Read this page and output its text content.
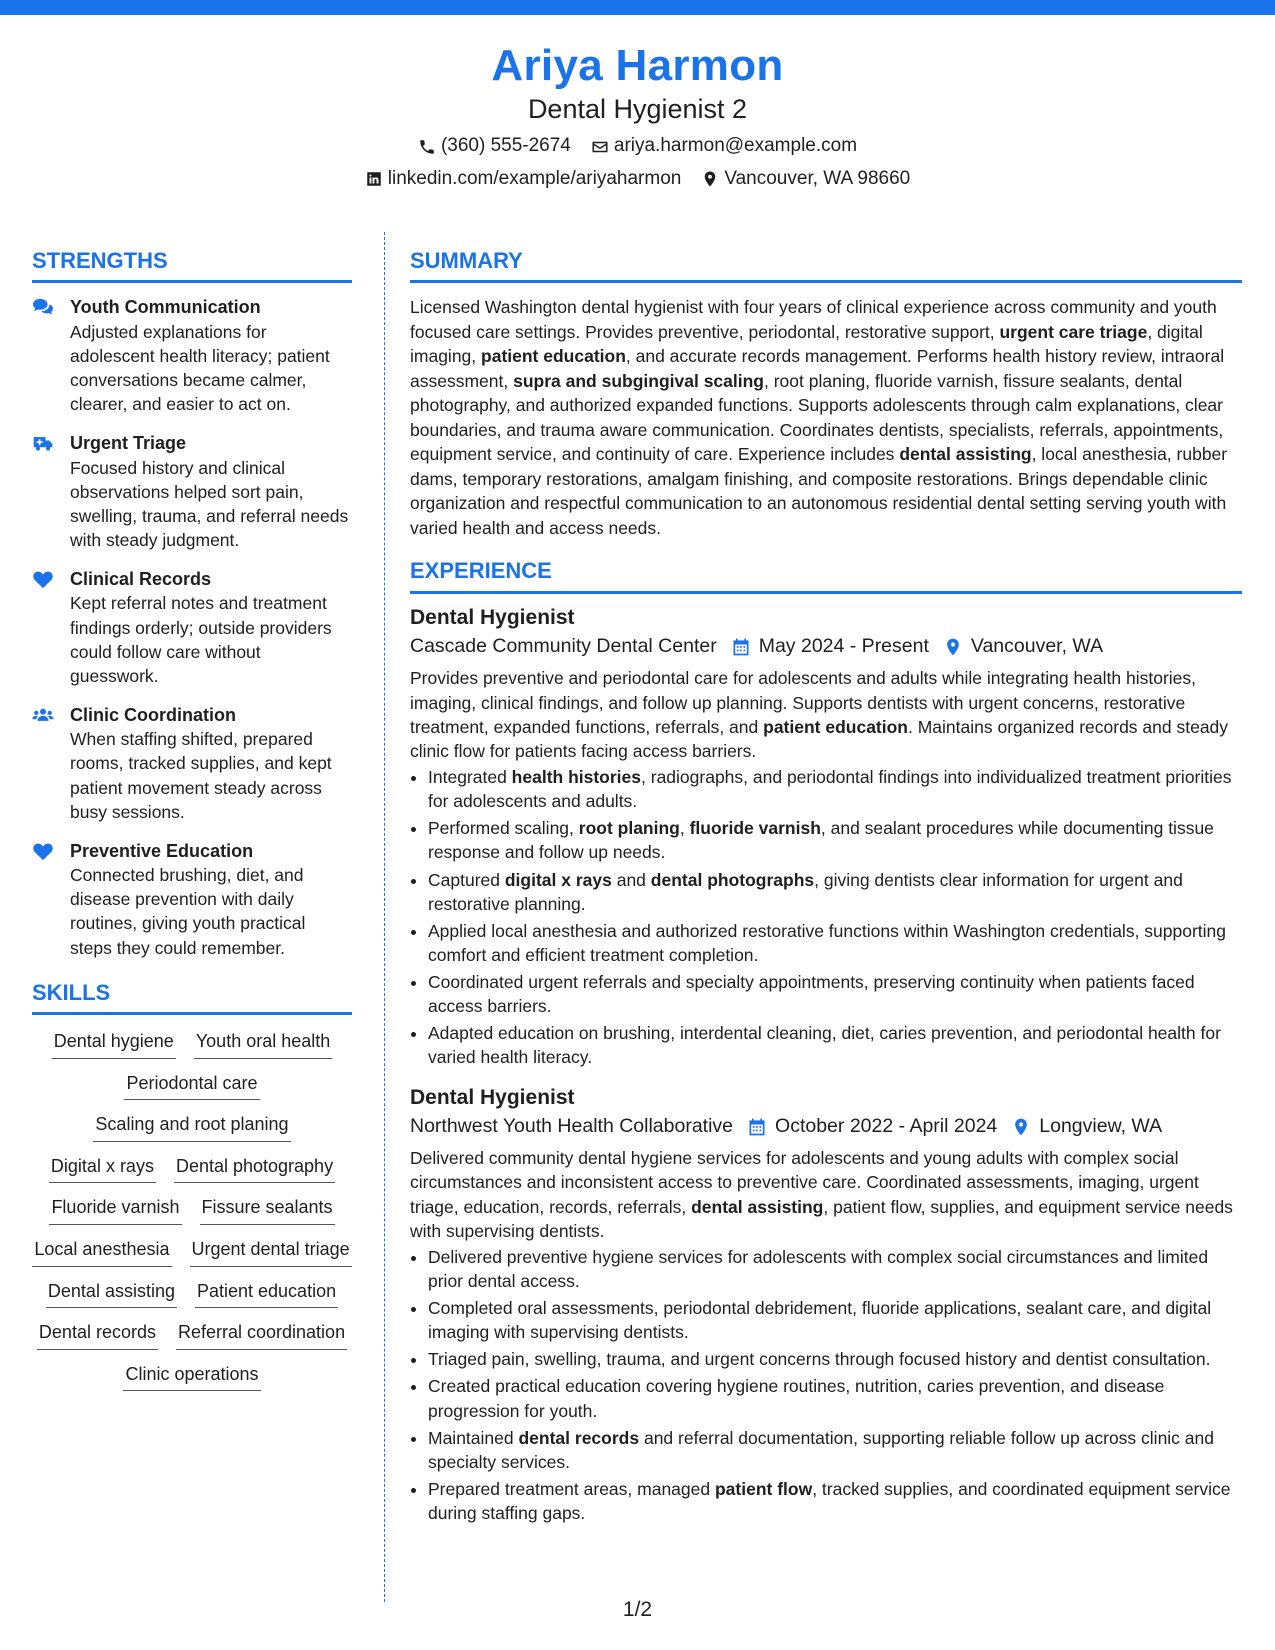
Ariya Harmon
Dental Hygienist 2
(360) 555-2674 ariya.harmon@example.com
linkedin.com/example/ariyaharmon Vancouver, WA 98660
STRENGTHS
Youth Communication
Adjusted explanations for adolescent health literacy; patient conversations became calmer, clearer, and easier to act on.
Urgent Triage
Focused history and clinical observations helped sort pain, swelling, trauma, and referral needs with steady judgment.
Clinical Records
Kept referral notes and treatment findings orderly; outside providers could follow care without guesswork.
Clinic Coordination
When staffing shifted, prepared rooms, tracked supplies, and kept patient movement steady across busy sessions.
Preventive Education
Connected brushing, diet, and disease prevention with daily routines, giving youth practical steps they could remember.
SKILLS
Dental hygiene Youth oral health
Periodontal care
Scaling and root planing
Digital x rays Dental photography
Fluoride varnish Fissure sealants
Local anesthesia Urgent dental triage
Dental assisting Patient education
Dental records Referral coordination
Clinic operations
SUMMARY
Licensed Washington dental hygienist with four years of clinical experience across community and youth focused care settings. Provides preventive, periodontal, restorative support, urgent care triage, digital imaging, patient education, and accurate records management. Performs health history review, intraoral assessment, supra and subgingival scaling, root planing, fluoride varnish, fissure sealants, dental photography, and authorized expanded functions. Supports adolescents through calm explanations, clear boundaries, and trauma aware communication. Coordinates dentists, specialists, referrals, appointments, equipment service, and continuity of care. Experience includes dental assisting, local anesthesia, rubber dams, temporary restorations, amalgam finishing, and composite restorations. Brings dependable clinic organization and respectful communication to an autonomous residential dental setting serving youth with varied health and access needs.
EXPERIENCE
Dental Hygienist
Cascade Community Dental Center May 2024 - Present Vancouver, WA
Provides preventive and periodontal care for adolescents and adults while integrating health histories, imaging, clinical findings, and follow up planning. Supports dentists with urgent concerns, restorative treatment, expanded functions, referrals, and patient education. Maintains organized records and steady clinic flow for patients facing access barriers.
• Integrated health histories, radiographs, and periodontal findings into individualized treatment priorities for adolescents and adults.
• Performed scaling, root planing, fluoride varnish, and sealant procedures while documenting tissue response and follow up needs.
• Captured digital x rays and dental photographs, giving dentists clear information for urgent and restorative planning.
• Applied local anesthesia and authorized restorative functions within Washington credentials, supporting comfort and efficient treatment completion.
• Coordinated urgent referrals and specialty appointments, preserving continuity when patients faced access barriers.
• Adapted education on brushing, interdental cleaning, diet, caries prevention, and periodontal health for varied health literacy.
Dental Hygienist
Northwest Youth Health Collaborative October 2022 - April 2024 Longview, WA
Delivered community dental hygiene services for adolescents and young adults with complex social circumstances and inconsistent access to preventive care. Coordinated assessments, imaging, urgent triage, education, records, referrals, dental assisting, patient flow, supplies, and equipment service needs with supervising dentists.
• Delivered preventive hygiene services for adolescents with complex social circumstances and limited prior dental access.
• Completed oral assessments, periodontal debridement, fluoride applications, sealant care, and digital imaging with supervising dentists.
• Triaged pain, swelling, trauma, and urgent concerns through focused history and dentist consultation.
• Created practical education covering hygiene routines, nutrition, caries prevention, and disease progression for youth.
• Maintained dental records and referral documentation, supporting reliable follow up across clinic and specialty services.
• Prepared treatment areas, managed patient flow, tracked supplies, and coordinated equipment service during staffing gaps.
1/2
